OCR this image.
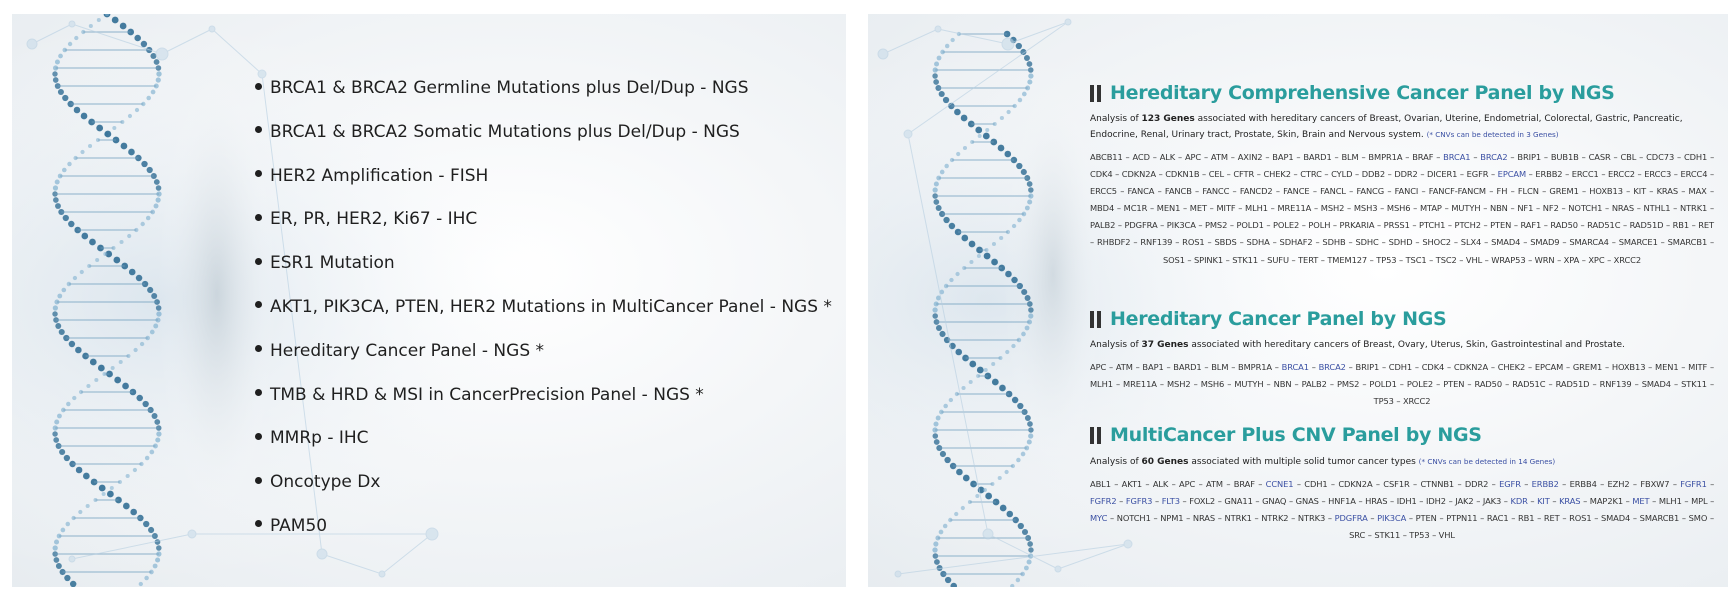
BRCA1 & BRCA2 Germline Mutations plus Del/Dup - NGS
BRCA1 & BRCA2 Somatic Mutations plus Del/Dup - NGS
HER2 Amplification - FISH
ER, PR, HER2, Ki67 - IHC
ESR1 Mutation
AKT1, PIK3CA, PTEN, HER2 Mutations in MultiCancer Panel - NGS *
Hereditary Cancer Panel - NGS *
TMB & HRD & MSI in CancerPrecision Panel - NGS *
MMRp - IHC
Oncotype Dx
PAM50
Hereditary Comprehensive Cancer Panel by NGS
Analysis of 123 Genes associated with hereditary cancers of Breast, Ovarian, Uterine, Endometrial, Colorectal, Gastric, Pancreatic, Endocrine, Renal, Urinary tract, Prostate, Skin, Brain and Nervous system. (* CNVs can be detected in 3 Genes)
ABCB11 – ACD – ALK – APC – ATM – AXIN2 – BAP1 – BARD1 – BLM – BMPR1A – BRAF – BRCA1 – BRCA2 – BRIP1 – BUB1B – CASR – CBL – CDC73 – CDH1 – CDK4 – CDKN2A – CDKN1B – CEL – CFTR – CHEK2 – CTRC – CYLD – DDB2 – DDR2 – DICER1 – EGFR – EPCAM – ERBB2 – ERCC1 – ERCC2 – ERCC3 – ERCC4 – ERCC5 – FANCA – FANCB – FANCC – FANCD2 – FANCE – FANCL – FANCG – FANCI – FANCF-FANCM – FH – FLCN – GREM1 – HOXB13 – KIT – KRAS – MAX – MBD4 – MC1R – MEN1 – MET – MITF – MLH1 – MRE11A – MSH2 – MSH3 – MSH6 – MTAP – MUTYH – NBN – NF1 – NF2 – NOTCH1 – NRAS – NTHL1 – NTRK1 – PALB2 – PDGFRA – PIK3CA – PMS2 – POLD1 – POLE2 – POLH – PRKARIA – PRSS1 – PTCH1 – PTCH2 – PTEN – RAF1 – RAD50 – RAD51C – RAD51D – RB1 – RET – RHBDF2 – RNF139 – ROS1 – SBDS – SDHA – SDHAF2 – SDHB – SDHC – SDHD – SHOC2 – SLX4 – SMAD4 – SMAD9 – SMARCA4 – SMARCE1 – SMARCB1 – SOS1 – SPINK1 – STK11 – SUFU – TERT – TMEM127 – TP53 – TSC1 – TSC2 – VHL – WRAP53 – WRN – XPA – XPC – XRCC2
Hereditary Cancer Panel by NGS
Analysis of 37 Genes associated with hereditary cancers of Breast, Ovary, Uterus, Skin, Gastrointestinal and Prostate.
APC – ATM – BAP1 – BARD1 – BLM – BMPR1A – BRCA1 – BRCA2 – BRIP1 – CDH1 – CDK4 – CDKN2A – CHEK2 – EPCAM – GREM1 – HOXB13 – MEN1 – MITF – MLH1 – MRE11A – MSH2 – MSH6 – MUTYH – NBN – PALB2 – PMS2 – POLD1 – POLE2 – PTEN – RAD50 – RAD51C – RAD51D – RNF139 – SMAD4 – STK11 – TP53 – XRCC2
MultiCancer Plus CNV Panel by NGS
Analysis of 60 Genes associated with multiple solid tumor cancer types (* CNVs can be detected in 14 Genes)
ABL1 – AKT1 – ALK – APC – ATM – BRAF – CCNE1 – CDH1 – CDKN2A – CSF1R – CTNNB1 – DDR2 – EGFR – ERBB2 – ERBB4 – EZH2 – FBXW7 – FGFR1 – FGFR2 – FGFR3 – FLT3 – FOXL2 – GNA11 – GNAQ – GNAS – HNF1A – HRAS – IDH1 – IDH2 – JAK2 – JAK3 – KDR – KIT – KRAS – MAP2K1 – MET – MLH1 – MPL – MYC – NOTCH1 – NPM1 – NRAS – NTRK1 – NTRK2 – NTRK3 – PDGFRA – PIK3CA – PTEN – PTPN11 – RAC1 – RB1 – RET – ROS1 – SMAD4 – SMARCB1 – SMO – SRC – STK11 – TP53 – VHL
